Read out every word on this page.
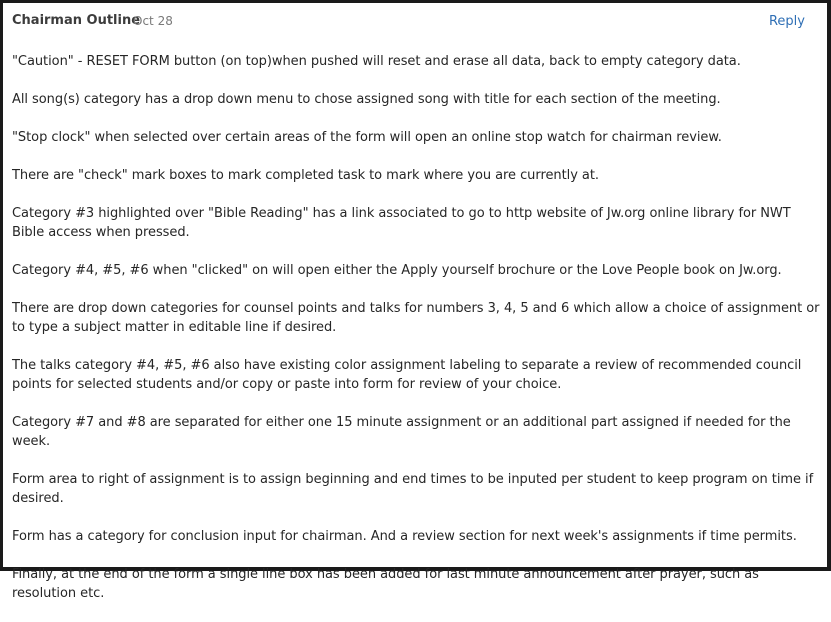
Chairman Outline
Oct 28	Reply

"Caution" - RESET FORM button (on top)when pushed will reset and erase all data, back to empty category data.

All song(s) category has a drop down menu to chose assigned song with title for each section of the meeting.

"Stop clock" when selected over certain areas of the form will open an online stop watch for chairman review.

There are "check" mark boxes to mark completed task to mark where you are currently at.

Category #3 highlighted over "Bible Reading" has a link associated to go to http website of Jw.org online library for NWT Bible access when pressed.

Category #4, #5, #6 when "clicked" on will open either the Apply yourself brochure or the Love People book on Jw.org.

There are drop down categories for counsel points and talks for numbers 3, 4, 5 and 6 which allow a choice of assignment or to type a subject matter in editable line if desired.

The talks category #4, #5, #6 also have existing color assignment labeling to separate a review of recommended council points for selected students and/or copy or paste into form for review of your choice.

Category #7 and #8 are separated for either one 15 minute assignment or an additional part assigned if needed for the week.

Form area to right of assignment is to assign beginning and end times to be inputed per student to keep program on time if desired.

Form has a category for conclusion input for chairman. And a review section for next week's assignments if time permits.

Finally, at the end of the form a single line box has been added for last minute announcement after prayer, such as resolution etc.
